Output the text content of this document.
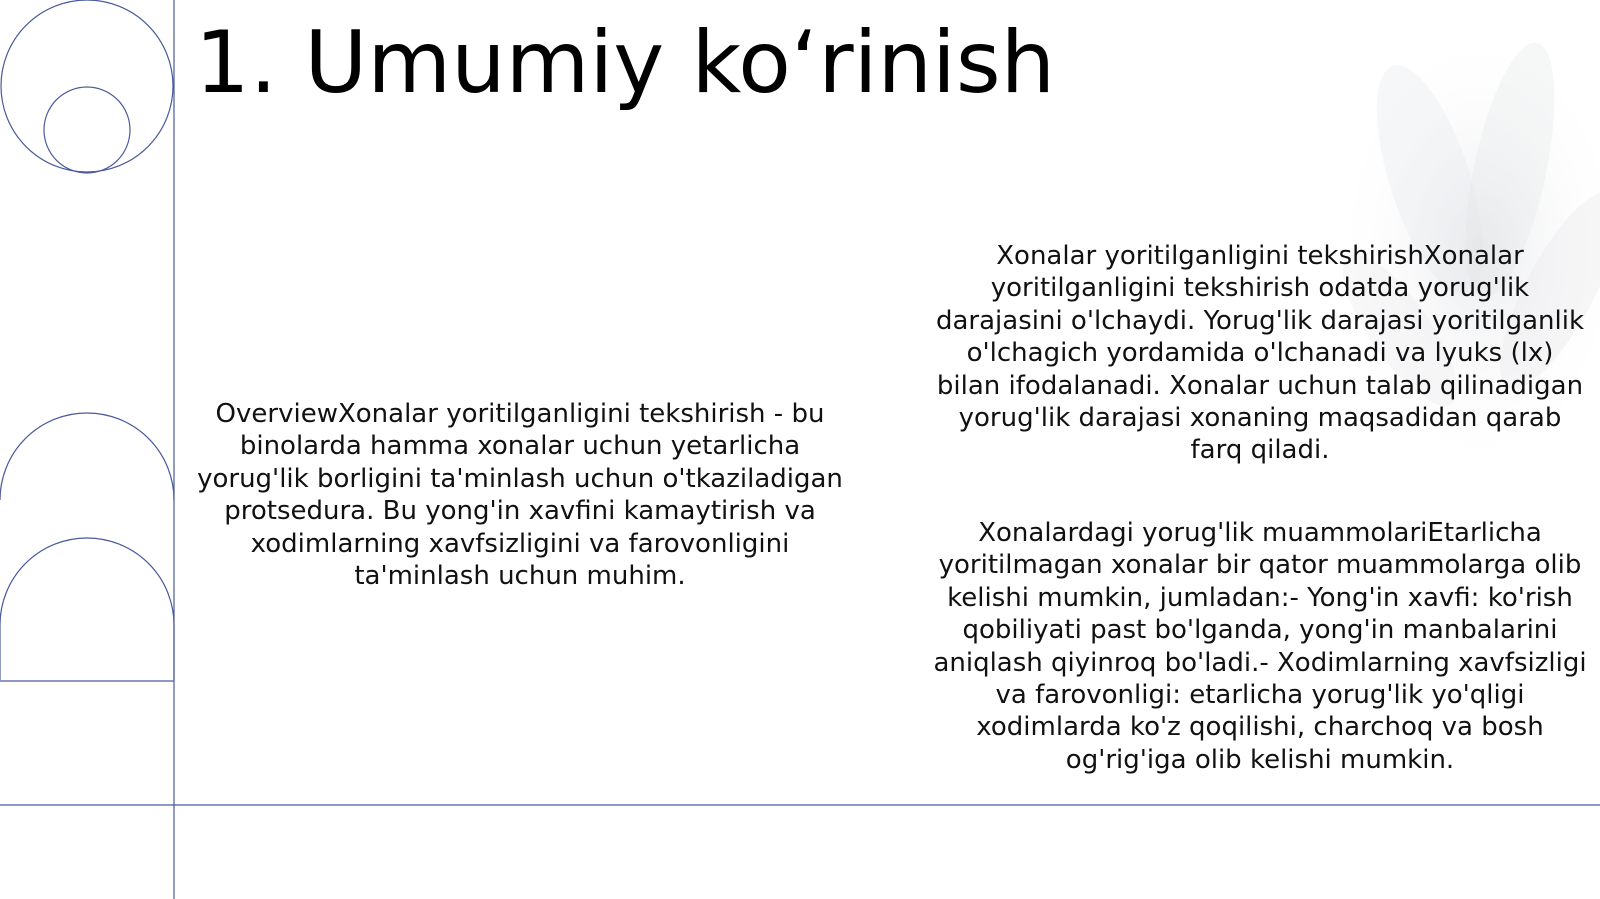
1. Umumiy ko‘rinish

OverviewXonalar yoritilganligini tekshirish - bu binolarda hamma xonalar uchun yetarlicha yorug'lik borligini ta'minlash uchun o'tkaziladigan protsedura. Bu yong'in xavfini kamaytirish va xodimlarning xavfsizligini va farovonligini ta'minlash uchun muhim.

Xonalar yoritilganligini tekshirishXonalar yoritilganligini tekshirish odatda yorug'lik darajasini o'lchaydi. Yorug'lik darajasi yoritilganlik o'lchagich yordamida o'lchanadi va lyuks (lx) bilan ifodalanadi. Xonalar uchun talab qilinadigan yorug'lik darajasi xonaning maqsadidan qarab farq qiladi.

Xonalardagi yorug'lik muammolariEtarlicha yoritilmagan xonalar bir qator muammolarga olib kelishi mumkin, jumladan:- Yong'in xavfi: ko'rish qobiliyati past bo'lganda, yong'in manbalarini aniqlash qiyinroq bo'ladi.- Xodimlarning xavfsizligi va farovonligi: etarlicha yorug'lik yo'qligi xodimlarda ko'z qoqilishi, charchoq va bosh og'rig'iga olib kelishi mumkin.
